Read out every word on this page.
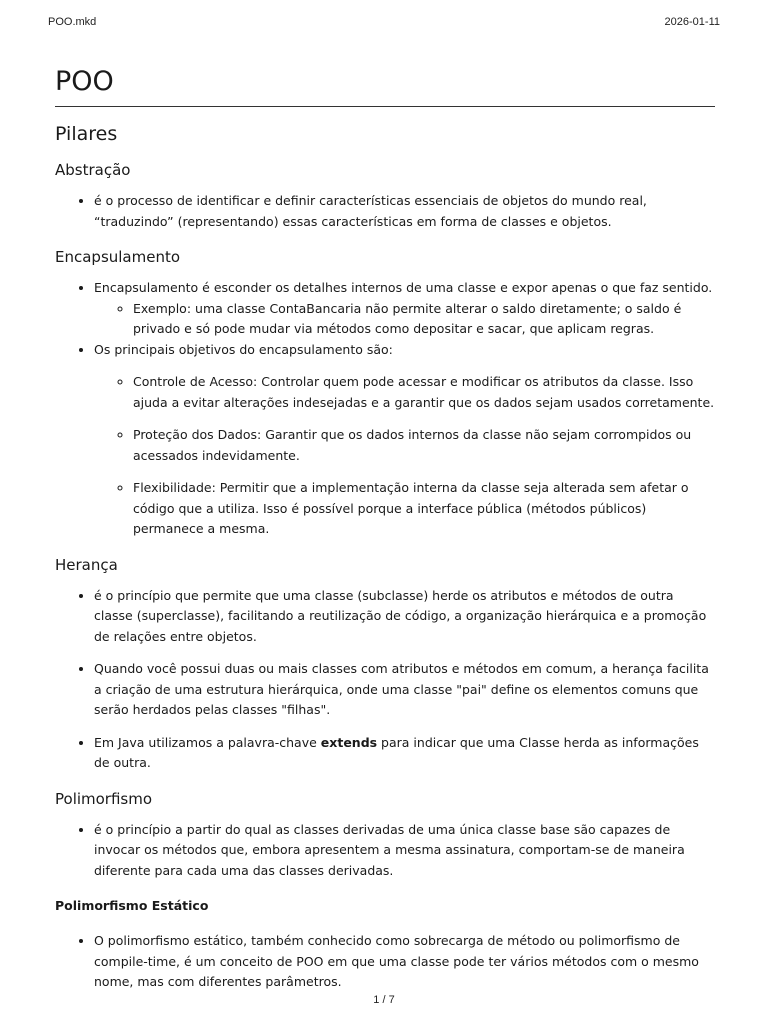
POO.mkd	2026-01-11
POO
Pilares
Abstração
• é o processo de identificar e definir características essenciais de objetos do mundo real, “traduzindo” (representando) essas características em forma de classes e objetos.
Encapsulamento
• Encapsulamento é esconder os detalhes internos de uma classe e expor apenas o que faz sentido.
◦ Exemplo: uma classe ContaBancaria não permite alterar o saldo diretamente; o saldo é privado e só pode mudar via métodos como depositar e sacar, que aplicam regras.
• Os principais objetivos do encapsulamento são:
◦ Controle de Acesso: Controlar quem pode acessar e modificar os atributos da classe. Isso ajuda a evitar alterações indesejadas e a garantir que os dados sejam usados corretamente.
◦ Proteção dos Dados: Garantir que os dados internos da classe não sejam corrompidos ou acessados indevidamente.
◦ Flexibilidade: Permitir que a implementação interna da classe seja alterada sem afetar o código que a utiliza. Isso é possível porque a interface pública (métodos públicos) permanece a mesma.
Herança
• é o princípio que permite que uma classe (subclasse) herde os atributos e métodos de outra classe (superclasse), facilitando a reutilização de código, a organização hierárquica e a promoção de relações entre objetos.
• Quando você possui duas ou mais classes com atributos e métodos em comum, a herança facilita a criação de uma estrutura hierárquica, onde uma classe "pai" define os elementos comuns que serão herdados pelas classes "filhas".
• Em Java utilizamos a palavra-chave extends para indicar que uma Classe herda as informações de outra.
Polimorfismo
• é o princípio a partir do qual as classes derivadas de uma única classe base são capazes de invocar os métodos que, embora apresentem a mesma assinatura, comportam-se de maneira diferente para cada uma das classes derivadas.
Polimorfismo Estático
• O polimorfismo estático, também conhecido como sobrecarga de método ou polimorfismo de compile-time, é um conceito de POO em que uma classe pode ter vários métodos com o mesmo nome, mas com diferentes parâmetros.
1 / 7
